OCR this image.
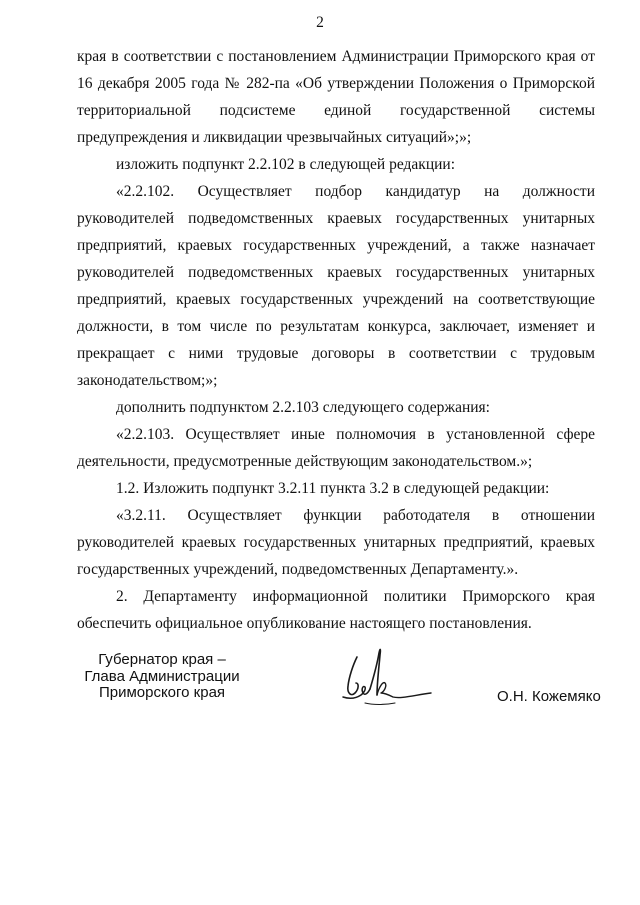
2

края в соответствии с постановлением Администрации Приморского края от 16 декабря 2005 года № 282-па «Об утверждении Положения о Приморской территориальной подсистеме единой государственной системы предупреждения и ликвидации чрезвычайных ситуаций»;»;

изложить подпункт 2.2.102 в следующей редакции:

«2.2.102. Осуществляет подбор кандидатур на должности руководителей подведомственных краевых государственных унитарных предприятий, краевых государственных учреждений, а также назначает руководителей подведомственных краевых государственных унитарных предприятий, краевых государственных учреждений на соответствующие должности, в том числе по результатам конкурса, заключает, изменяет и прекращает с ними трудовые договоры в соответствии с трудовым законодательством;»;

дополнить подпунктом 2.2.103 следующего содержания:

«2.2.103. Осуществляет иные полномочия в установленной сфере деятельности, предусмотренные действующим законодательством.»;

1.2. Изложить подпункт 3.2.11 пункта 3.2 в следующей редакции:

«3.2.11. Осуществляет функции работодателя в отношении руководителей краевых государственных унитарных предприятий, краевых государственных учреждений, подведомственных Департаменту.».

2. Департаменту информационной политики Приморского края обеспечить официальное опубликование настоящего постановления.

Губернатор края –
Глава Администрации
Приморского края	О.Н. Кожемяко
